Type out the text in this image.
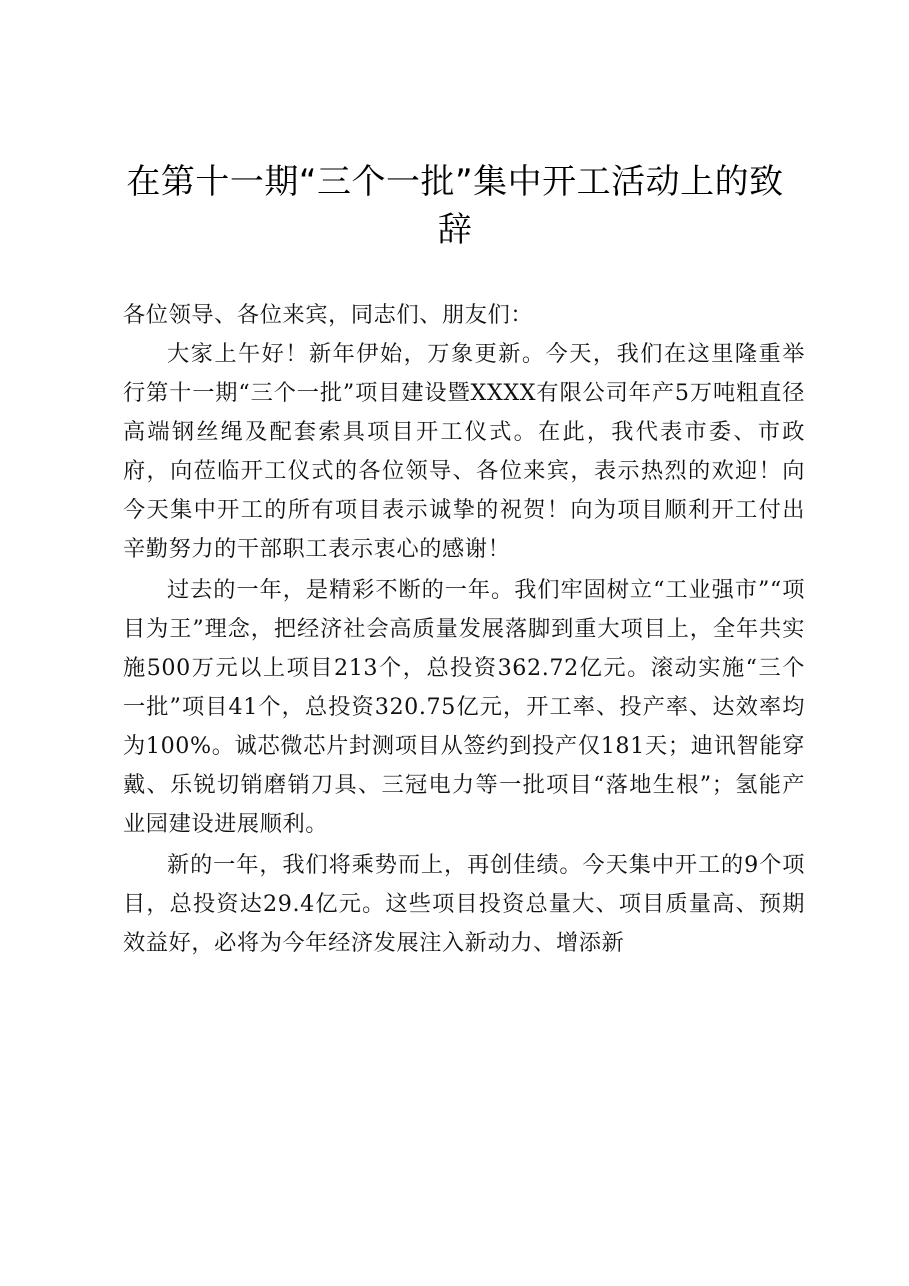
在第十一期“三个一批”集中开工活动上的致辞

各位领导、各位来宾，同志们、朋友们：

大家上午好！新年伊始，万象更新。今天，我们在这里隆重举行第十一期“三个一批”项目建设暨XXXX有限公司年产5万吨粗直径高端钢丝绳及配套索具项目开工仪式。在此，我代表市委、市政府，向莅临开工仪式的各位领导、各位来宾，表示热烈的欢迎！向今天集中开工的所有项目表示诚挚的祝贺！向为项目顺利开工付出辛勤努力的干部职工表示衷心的感谢！

过去的一年，是精彩不断的一年。我们牢固树立“工业强市”“项目为王”理念，把经济社会高质量发展落脚到重大项目上，全年共实施500万元以上项目213个，总投资362.72亿元。滚动实施“三个一批”项目41个，总投资320.75亿元，开工率、投产率、达效率均为100%。诚芯微芯片封测项目从签约到投产仅181天；迪讯智能穿戴、乐锐切销磨销刀具、三冠电力等一批项目“落地生根”；氢能产业园建设进展顺利。

新的一年，我们将乘势而上，再创佳绩。今天集中开工的9个项目，总投资达29.4亿元。这些项目投资总量大、项目质量高、预期效益好，必将为今年经济发展注入新动力、增添新
